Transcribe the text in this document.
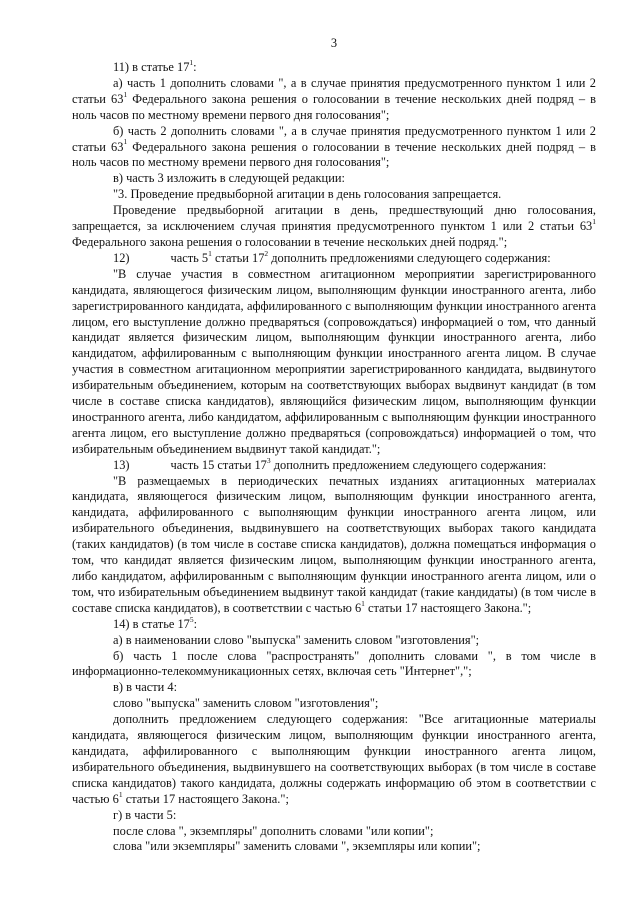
3

11) в статье $17^1$:

а) часть 1 дополнить словами ", а в случае принятия предусмотренного пунктом 1 или 2 статьи $63^1$ Федерального закона решения о голосовании в течение нескольких дней подряд – в ноль часов по местному времени первого дня голосования";

б) часть 2 дополнить словами ", а в случае принятия предусмотренного пунктом 1 или 2 статьи $63^1$ Федерального закона решения о голосовании в течение нескольких дней подряд – в ноль часов по местному времени первого дня голосования";

в) часть 3 изложить в следующей редакции:

"3. Проведение предвыборной агитации в день голосования запрещается.

Проведение предвыборной агитации в день, предшествующий дню голосования, запрещается, за исключением случая принятия предусмотренного пунктом 1 или 2 статьи $63^1$ Федерального закона решения о голосовании в течение нескольких дней подряд.";

12)	часть $5^1$ статьи $17^2$ дополнить предложениями следующего содержания:

"В случае участия в совместном агитационном мероприятии зарегистрированного кандидата, являющегося физическим лицом, выполняющим функции иностранного агента, либо зарегистрированного кандидата, аффилированного с выполняющим функции иностранного агента лицом, его выступление должно предваряться (сопровождаться) информацией о том, что данный кандидат является физическим лицом, выполняющим функции иностранного агента, либо кандидатом, аффилированным с выполняющим функции иностранного агента лицом. В случае участия в совместном агитационном мероприятии зарегистрированного кандидата, выдвинутого избирательным объединением, которым на соответствующих выборах выдвинут кандидат (в том числе в составе списка кандидатов), являющийся физическим лицом, выполняющим функции иностранного агента, либо кандидатом, аффилированным с выполняющим функции иностранного агента лицом, его выступление должно предваряться (сопровождаться) информацией о том, что избирательным объединением выдвинут такой кандидат.";

13)	часть 15 статьи $17^3$ дополнить предложением следующего содержания:

"В размещаемых в периодических печатных изданиях агитационных материалах кандидата, являющегося физическим лицом, выполняющим функции иностранного агента, кандидата, аффилированного с выполняющим функции иностранного агента лицом, или избирательного объединения, выдвинувшего на соответствующих выборах такого кандидата (таких кандидатов) (в том числе в составе списка кандидатов), должна помещаться информация о том, что кандидат является физическим лицом, выполняющим функции иностранного агента, либо кандидатом, аффилированным с выполняющим функции иностранного агента лицом, или о том, что избирательным объединением выдвинут такой кандидат (такие кандидаты) (в том числе в составе списка кандидатов), в соответствии с частью $6^1$ статьи 17 настоящего Закона.";

14) в статье $17^5$:

а) в наименовании слово "выпуска" заменить словом "изготовления";

б) часть 1 после слова "распространять" дополнить словами ", в том числе в информационно-телекоммуникационных сетях, включая сеть "Интернет",";

в) в части 4:

слово "выпуска" заменить словом "изготовления";

дополнить предложением следующего содержания: "Все агитационные материалы кандидата, являющегося физическим лицом, выполняющим функции иностранного агента, кандидата, аффилированного с выполняющим функции иностранного агента лицом, избирательного объединения, выдвинувшего на соответствующих выборах (в том числе в составе списка кандидатов) такого кандидата, должны содержать информацию об этом в соответствии с частью $6^1$ статьи 17 настоящего Закона.";

г) в части 5:

после слова ", экземпляры" дополнить словами "или копии";

слова "или экземпляры" заменить словами ", экземпляры или копии";
